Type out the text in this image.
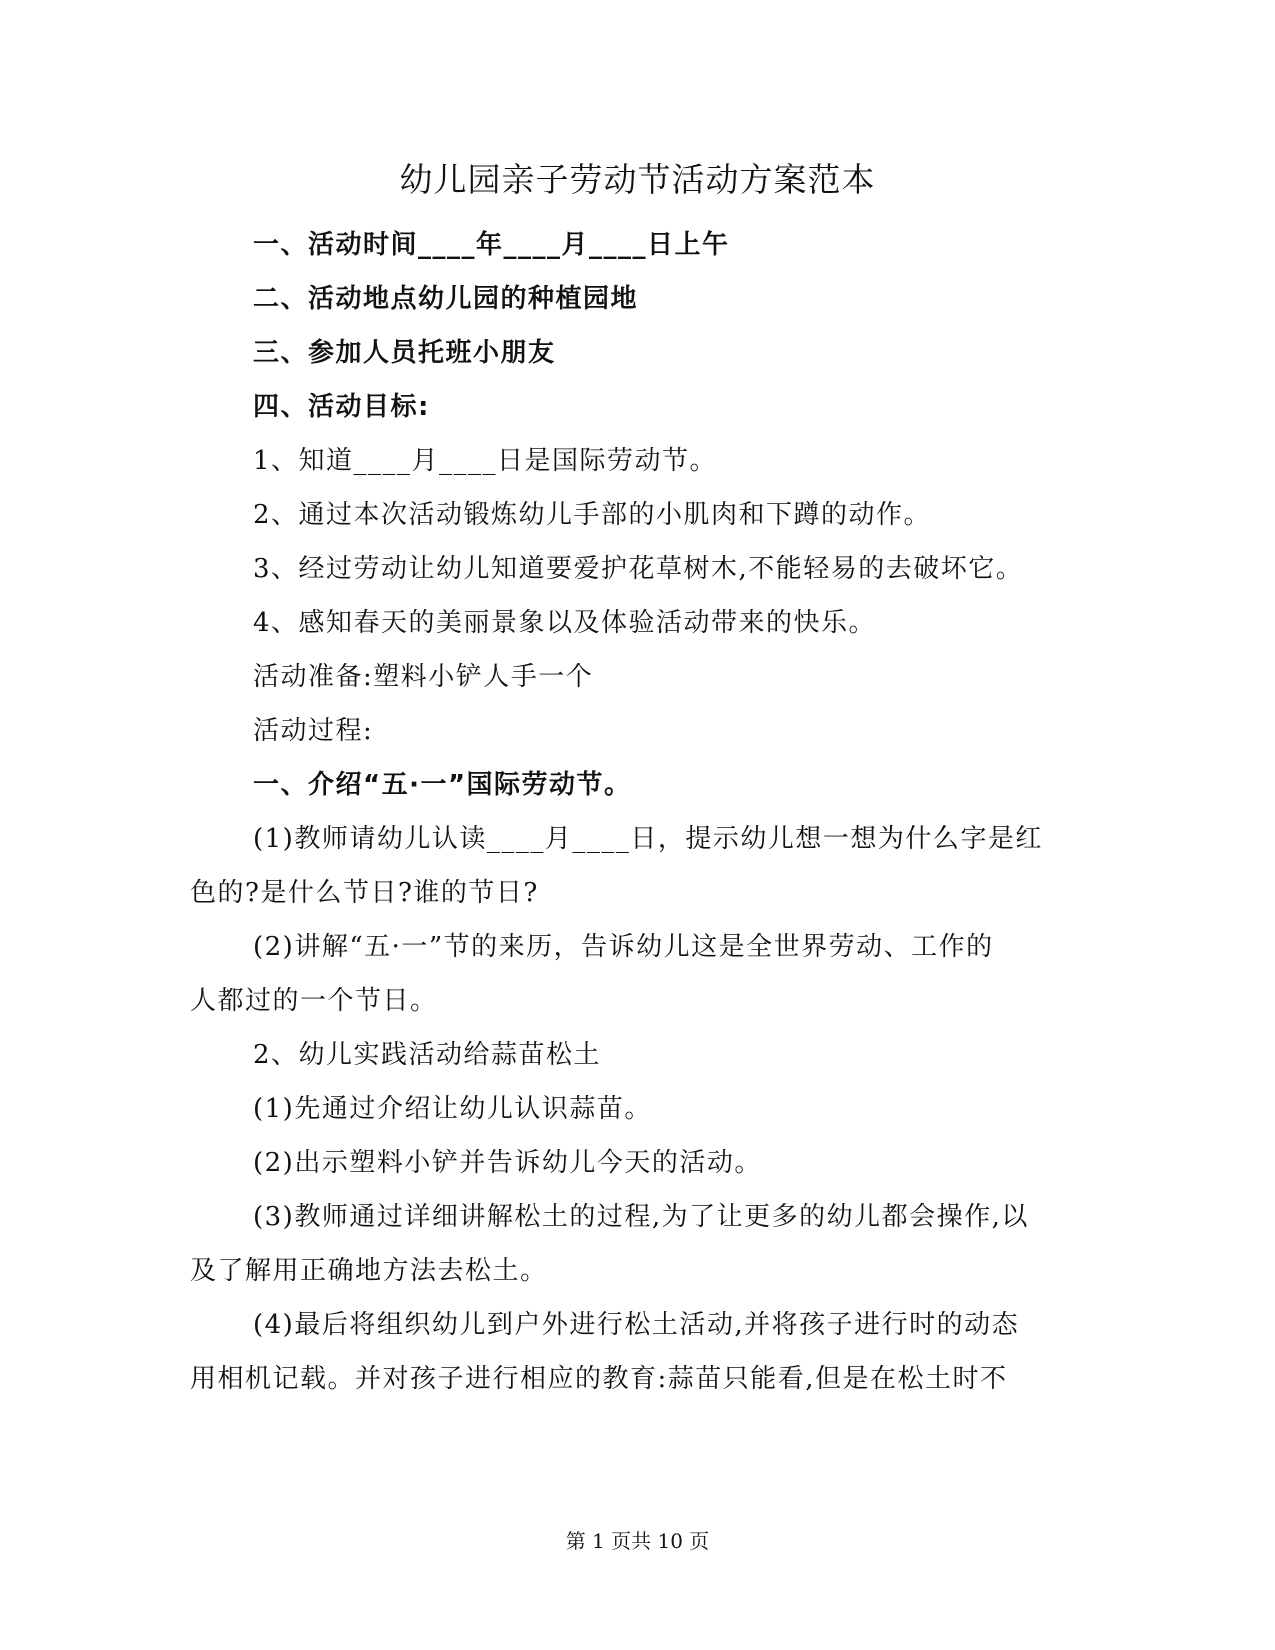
幼儿园亲子劳动节活动方案范本
一、活动时间____年____月____日上午
二、活动地点幼儿园的种植园地
三、参加人员托班小朋友
四、活动目标:
1、知道____月____日是国际劳动节。
2、通过本次活动锻炼幼儿手部的小肌肉和下蹲的动作。
3、经过劳动让幼儿知道要爱护花草树木,不能轻易的去破坏它。
4、感知春天的美丽景象以及体验活动带来的快乐。
活动准备:塑料小铲人手一个
活动过程:
一、介绍“五·一”国际劳动节。
(1)教师请幼儿认读____月____日，提示幼儿想一想为什么字是红
色的?是什么节日?谁的节日?
(2)讲解“五·一”节的来历，告诉幼儿这是全世界劳动、工作的
人都过的一个节日。
2、幼儿实践活动给蒜苗松土
(1)先通过介绍让幼儿认识蒜苗。
(2)出示塑料小铲并告诉幼儿今天的活动。
(3)教师通过详细讲解松土的过程,为了让更多的幼儿都会操作,以
及了解用正确地方法去松土。
(4)最后将组织幼儿到户外进行松土活动,并将孩子进行时的动态
用相机记载。并对孩子进行相应的教育:蒜苗只能看,但是在松土时不
第 1 页共 10 页
